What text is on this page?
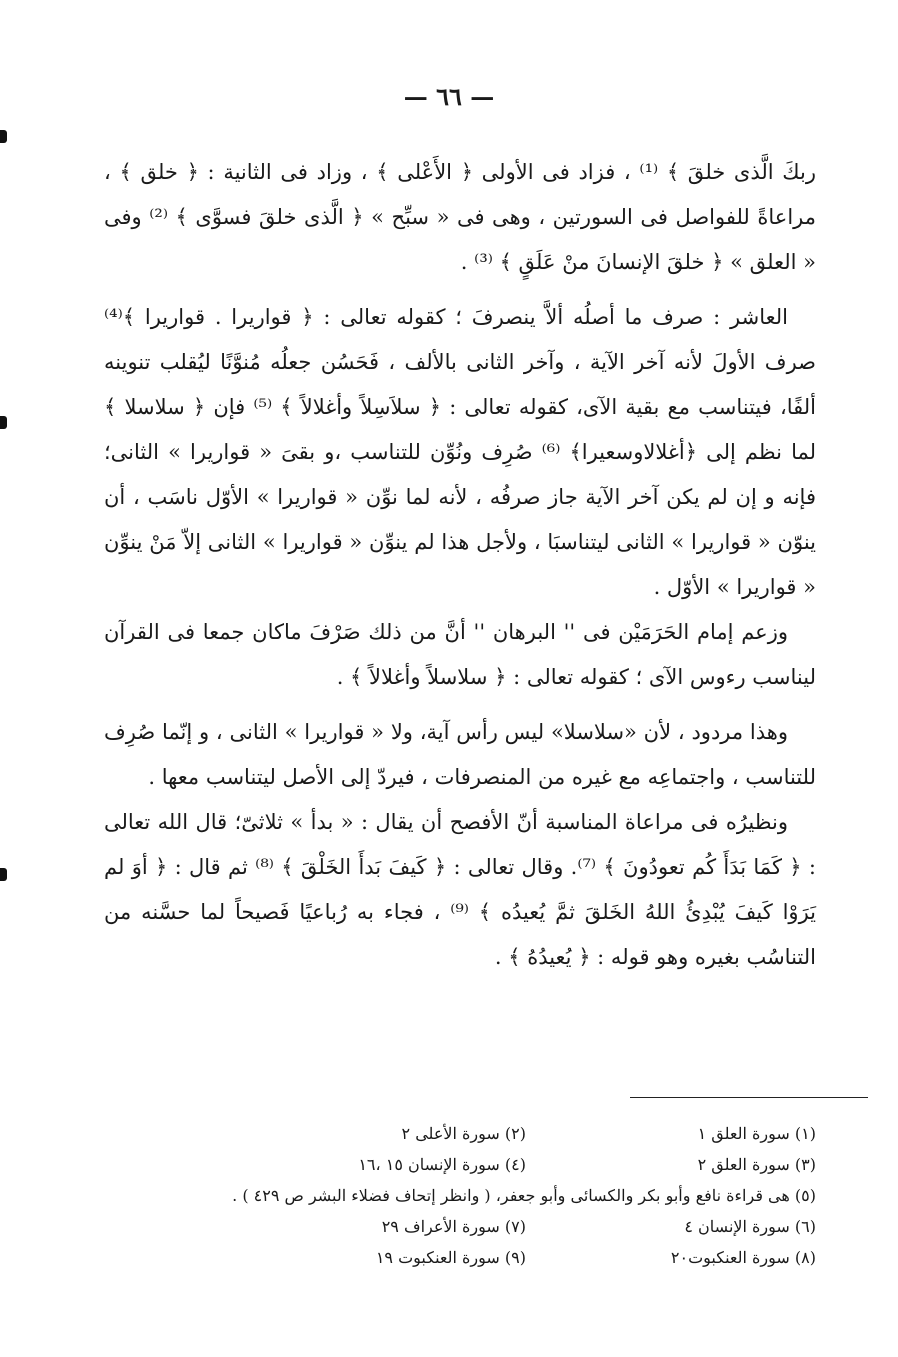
— ٦٦ —

ربكَ الَّذى خلقَ ﴾ ⁽¹⁾ ، فزاد فى الأولى ﴿ الأَعْلى ﴾ ، وزاد فى الثانية : ﴿ خلق ﴾ ، مراعاةً للفواصل فى السورتين ، وهى فى « سبِّح » ﴿ الَّذى خلقَ فسوَّى ﴾ ⁽²⁾ وفى « العلق » ﴿ خلقَ الإنسانَ منْ عَلَقٍ ﴾ ⁽³⁾ .

العاشر : صرف ما أصلُه ألاَّ ينصرفَ ؛ كقوله تعالى : ﴿ قواريرا . قواريرا ﴾⁽⁴⁾ صرف الأولَ لأنه آخر الآية ، وآخر الثانى بالألف ، فَحَسُن جعلُه مُنوَّنًا ليُقلب تنوينه ألفًا، فيتناسب مع بقية الآى، كقوله تعالى : ﴿ سلاَسِلاً وأغلالاً ﴾ ⁽⁵⁾ فإن ﴿ سلاسلا ﴾ لما نظم إلى ﴿أغلالاوسعيرا﴾ ⁽⁶⁾ صُرِف ونُوِّن للتناسب ،و بقىَ « قواريرا » الثانى؛فإنه و إن لم يكن آخر الآية جاز صرفُه ، لأنه لما نوِّن « قواريرا » الأوّل ناسَب ، أن ينوّن « قواريرا » الثانى ليتناسبَا ، ولأجل هذا لم ينوِّن « قواريرا » الثانى إلاّ مَنْ ينوِّن « قواريرا » الأوّل .

وزعم إمام الحَرَمَيْن فى '' البرهان '' أنَّ من ذلك صَرْفَ ماكان جمعا فى القرآن ليناسب رءوس الآى ؛ كقوله تعالى : ﴿ سلاسلاً وأغلالاً ﴾ .

وهذا مردود ، لأن «سلاسلا» ليس رأس آية، ولا « قواريرا » الثانى ، و إنّما صُرِف للتناسب ، واجتماعِه مع غيره من المنصرفات ، فيردّ إلى الأصل ليتناسب معها .

ونظيرُه فى مراعاة المناسبة أنّ الأفصح أن يقال : « بدأ » ثلاثىّ؛ قال الله تعالى : ﴿ كَمَا بَدَأَ كُم تعودُونَ ﴾ ⁽⁷⁾. وقال تعالى : ﴿ كَيفَ بَدأَ الخَلْقَ ﴾ ⁽⁸⁾ ثم قال : ﴿ أوَ لم يَرَوْا كَيفَ يُبْدِئُ اللهُ الخَلقَ ثمَّ يُعيدُه ﴾ ⁽⁹⁾ ، فجاء به رُباعيًا فَصيحاً لما حسَّنه من التناسُب بغيره وهو قوله : ﴿ يُعيدُهُ ﴾ .

(١) سورة العلق ١
(٢) سورة الأعلى ٢
(٣) سورة العلق ٢
(٤) سورة الإنسان ١٥ ،١٦
(٥) هى قراءة نافع وأبو بكر والكسائى وأبو جعفر، ( وانظر إتحاف فضلاء البشر ص ٤٢٩ ) .
(٦) سورة الإنسان ٤
(٧) سورة الأعراف ٢٩
(٨) سورة العنكبوت٢٠
(٩) سورة العنكبوت ١٩
